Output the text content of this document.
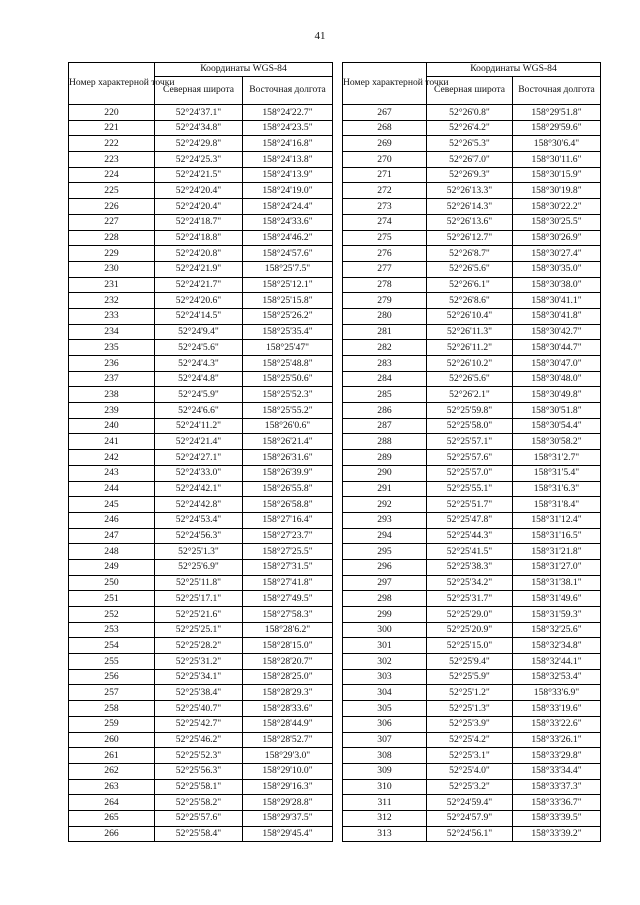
41
Номер характерной точки	Координаты WGS-84	
	Северная широта	Восточная долгота
220	52°24'37.1"	158°24'22.7"
221	52°24'34.8"	158°24'23.5"
222	52°24'29.8"	158°24'16.8"
223	52°24'25.3"	158°24'13.8"
224	52°24'21.5"	158°24'13.9"
225	52°24'20.4"	158°24'19.0"
226	52°24'20.4"	158°24'24.4"
227	52°24'18.7"	158°24'33.6"
228	52°24'18.8"	158°24'46.2"
229	52°24'20.8"	158°24'57.6"
230	52°24'21.9"	158°25'7.5"
231	52°24'21.7"	158°25'12.1"
232	52°24'20.6"	158°25'15.8"
233	52°24'14.5"	158°25'26.2"
234	52°24'9.4"	158°25'35.4"
235	52°24'5.6"	158°25'47"
236	52°24'4.3"	158°25'48.8"
237	52°24'4.8"	158°25'50.6"
238	52°24'5.9"	158°25'52.3"
239	52°24'6.6"	158°25'55.2"
240	52°24'11.2"	158°26'0.6"
241	52°24'21.4"	158°26'21.4"
242	52°24'27.1"	158°26'31.6"
243	52°24'33.0"	158°26'39.9"
244	52°24'42.1"	158°26'55.8"
245	52°24'42.8"	158°26'58.8"
246	52°24'53.4"	158°27'16.4"
247	52°24'56.3"	158°27'23.7"
248	52°25'1.3"	158°27'25.5"
249	52°25'6.9"	158°27'31.5"
250	52°25'11.8"	158°27'41.8"
251	52°25'17.1"	158°27'49.5"
252	52°25'21.6"	158°27'58.3"
253	52°25'25.1"	158°28'6.2"
254	52°25'28.2"	158°28'15.0"
255	52°25'31.2"	158°28'20.7"
256	52°25'34.1"	158°28'25.0"
257	52°25'38.4"	158°28'29.3"
258	52°25'40.7"	158°28'33.6"
259	52°25'42.7"	158°28'44.9"
260	52°25'46.2"	158°28'52.7"
261	52°25'52.3"	158°29'3.0"
262	52°25'56.3"	158°29'10.0"
263	52°25'58.1"	158°29'16.3"
264	52°25'58.2"	158°29'28.8"
265	52°25'57.6"	158°29'37.5"
266	52°25'58.4"	158°29'45.4"
Номер характерной точки	Координаты WGS-84	
	Северная широта	Восточная долгота
267	52°26'0.8"	158°29'51.8"
268	52°26'4.2"	158°29'59.6"
269	52°26'5.3"	158°30'6.4"
270	52°26'7.0"	158°30'11.6"
271	52°26'9.3"	158°30'15.9"
272	52°26'13.3"	158°30'19.8"
273	52°26'14.3"	158°30'22.2"
274	52°26'13.6"	158°30'25.5"
275	52°26'12.7"	158°30'26.9"
276	52°26'8.7"	158°30'27.4"
277	52°26'5.6"	158°30'35.0"
278	52°26'6.1"	158°30'38.0"
279	52°26'8.6"	158°30'41.1"
280	52°26'10.4"	158°30'41.8"
281	52°26'11.3"	158°30'42.7"
282	52°26'11.2"	158°30'44.7"
283	52°26'10.2"	158°30'47.0"
284	52°26'5.6"	158°30'48.0"
285	52°26'2.1"	158°30'49.8"
286	52°25'59.8"	158°30'51.8"
287	52°25'58.0"	158°30'54.4"
288	52°25'57.1"	158°30'58.2"
289	52°25'57.6"	158°31'2.7"
290	52°25'57.0"	158°31'5.4"
291	52°25'55.1"	158°31'6.3"
292	52°25'51.7"	158°31'8.4"
293	52°25'47.8"	158°31'12.4"
294	52°25'44.3"	158°31'16.5"
295	52°25'41.5"	158°31'21.8"
296	52°25'38.3"	158°31'27.0"
297	52°25'34.2"	158°31'38.1"
298	52°25'31.7"	158°31'49.6"
299	52°25'29.0"	158°31'59.3"
300	52°25'20.9"	158°32'25.6"
301	52°25'15.0"	158°32'34.8"
302	52°25'9.4"	158°32'44.1"
303	52°25'5.9"	158°32'53.4"
304	52°25'1.2"	158°33'6.9"
305	52°25'1.3"	158°33'19.6"
306	52°25'3.9"	158°33'22.6"
307	52°25'4.2"	158°33'26.1"
308	52°25'3.1"	158°33'29.8"
309	52°25'4.0"	158°33'34.4"
310	52°25'3.2"	158°33'37.3"
311	52°24'59.4"	158°33'36.7"
312	52°24'57.9"	158°33'39.5"
313	52°24'56.1"	158°33'39.2"
